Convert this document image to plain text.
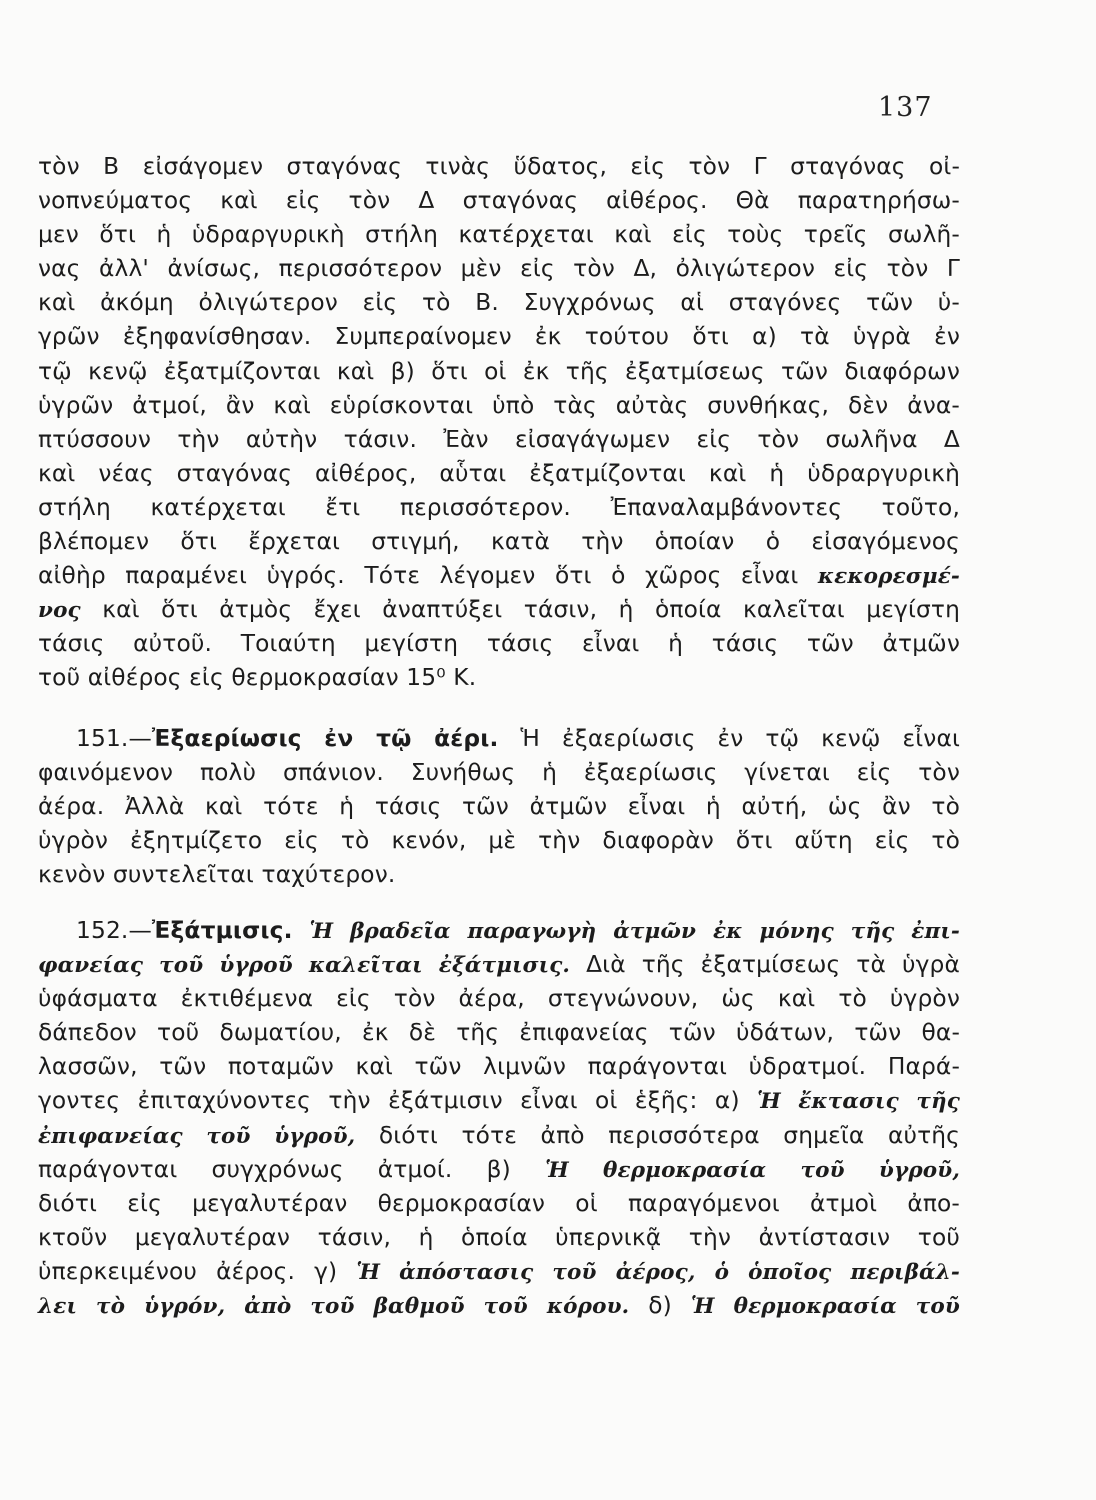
137
τὸν Β εἰσάγομεν σταγόνας τινὰς ὕδατος, εἰς τὸν Γ σταγόνας οἰ-
νοπνεύματος καὶ εἰς τὸν Δ σταγόνας αἰθέρος. Θὰ παρατηρήσω-
μεν ὅτι ἡ ὑδραργυρικὴ στήλη κατέρχεται καὶ εἰς τοὺς τρεῖς σωλῆ-
νας ἀλλ' ἀνίσως, περισσότερον μὲν εἰς τὸν Δ, ὀλιγώτερον εἰς τὸν Γ
καὶ ἀκόμη ὀλιγώτερον εἰς τὸ Β. Συγχρόνως αἱ σταγόνες τῶν ὑ-
γρῶν ἐξηφανίσθησαν. Συμπεραίνομεν ἐκ τούτου ὅτι α) τὰ ὑγρὰ ἐν
τῷ κενῷ ἐξατμίζονται καὶ β) ὅτι οἱ ἐκ τῆς ἐξατμίσεως τῶν διαφόρων
ὑγρῶν ἀτμοί, ἂν καὶ εὑρίσκονται ὑπὸ τὰς αὐτὰς συνθήκας, δὲν ἀνα-
πτύσσουν τὴν αὐτὴν τάσιν. Ἐὰν εἰσαγάγωμεν εἰς τὸν σωλῆνα Δ
καὶ νέας σταγόνας αἰθέρος, αὗται ἐξατμίζονται καὶ ἡ ὑδραργυρικὴ
στήλη κατέρχεται ἔτι περισσότερον. Ἐπαναλαμβάνοντες τοῦτο,
βλέπομεν ὅτι ἔρχεται στιγμή, κατὰ τὴν ὁποίαν ὁ εἰσαγόμενος
αἰθὴρ παραμένει ὑγρός. Τότε λέγομεν ὅτι ὁ χῶρος εἶναι κεκορεσμέ-
νος καὶ ὅτι ἀτμὸς ἔχει ἀναπτύξει τάσιν, ἡ ὁποία καλεῖται μεγίστη
τάσις αὐτοῦ. Τοιαύτη μεγίστη τάσις εἶναι ἡ τάσις τῶν ἀτμῶν
τοῦ αἰθέρος εἰς θερμοκρασίαν 15⁰ Κ.
151.—Ἐξαερίωσις ἐν τῷ ἀέρι. Ἡ ἐξαερίωσις ἐν τῷ κενῷ εἶναι
φαινόμενον πολὺ σπάνιον. Συνήθως ἡ ἐξαερίωσις γίνεται εἰς τὸν
ἀέρα. Ἀλλὰ καὶ τότε ἡ τάσις τῶν ἀτμῶν εἶναι ἡ αὐτή, ὡς ἂν τὸ
ὑγρὸν ἐξητμίζετο εἰς τὸ κενόν, μὲ τὴν διαφορὰν ὅτι αὕτη εἰς τὸ
κενὸν συντελεῖται ταχύτερον.
152.—Ἐξάτμισις. Ἡ βραδεῖα παραγωγὴ ἀτμῶν ἐκ μόνης τῆς ἐπι-
φανείας τοῦ ὑγροῦ καλεῖται ἐξάτμισις. Διὰ τῆς ἐξατμίσεως τὰ ὑγρὰ
ὑφάσματα ἐκτιθέμενα εἰς τὸν ἀέρα, στεγνώνουν, ὡς καὶ τὸ ὑγρὸν
δάπεδον τοῦ δωματίου, ἐκ δὲ τῆς ἐπιφανείας τῶν ὑδάτων, τῶν θα-
λασσῶν, τῶν ποταμῶν καὶ τῶν λιμνῶν παράγονται ὑδρατμοί. Παρά-
γοντες ἐπιταχύνοντες τὴν ἐξάτμισιν εἶναι οἱ ἑξῆς: α) Ἡ ἔκτασις τῆς
ἐπιφανείας τοῦ ὑγροῦ, διότι τότε ἀπὸ περισσότερα σημεῖα αὐτῆς
παράγονται συγχρόνως ἀτμοί. β) Ἡ θερμοκρασία τοῦ ὑγροῦ,
διότι εἰς μεγαλυτέραν θερμοκρασίαν οἱ παραγόμενοι ἀτμοὶ ἀπο-
κτοῦν μεγαλυτέραν τάσιν, ἡ ὁποία ὑπερνικᾷ τὴν ἀντίστασιν τοῦ
ὑπερκειμένου ἀέρος. γ) Ἡ ἀπόστασις τοῦ ἀέρος, ὁ ὁποῖος περιβάλ-
λει τὸ ὑγρόν, ἀπὸ τοῦ βαθμοῦ τοῦ κόρου. δ) Ἡ θερμοκρασία τοῦ
